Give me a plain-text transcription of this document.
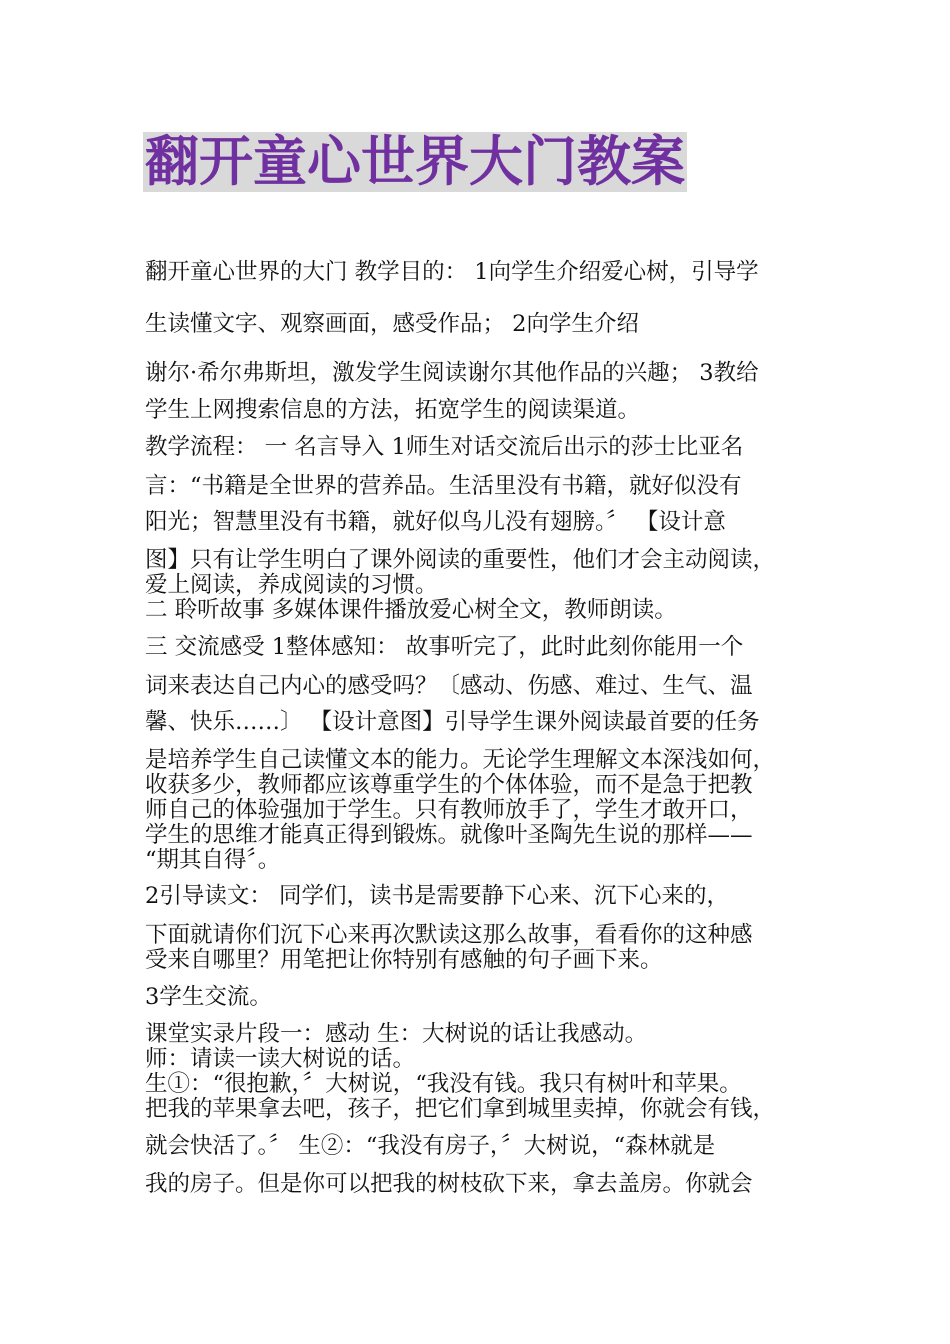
翻开童心世界大门教案
翻开童心世界的大门 教学目的： 1向学生介绍爱心树，引导学
生读懂文字、观察画面，感受作品； 2向学生介绍
谢尔·希尔弗斯坦，激发学生阅读谢尔其他作品的兴趣； 3教给
学生上网搜索信息的方法，拓宽学生的阅读渠道。
教学流程： 一 名言导入 1师生对话交流后出示的莎士比亚名
言：“书籍是全世界的营养品。生活里没有书籍，就好似没有
阳光；智慧里没有书籍，就好似鸟儿没有翅膀。〞 【设计意
图】只有让学生明白了课外阅读的重要性，他们才会主动阅读，
爱上阅读，养成阅读的习惯。
二 聆听故事 多媒体课件播放爱心树全文，教师朗读。
三 交流感受 1整体感知： 故事听完了，此时此刻你能用一个
词来表达自己内心的感受吗？〔感动、伤感、难过、生气、温
馨、快乐……〕 【设计意图】引导学生课外阅读最首要的任务
是培养学生自己读懂文本的能力。无论学生理解文本深浅如何，
收获多少，教师都应该尊重学生的个体体验，而不是急于把教
师自己的体验强加于学生。只有教师放手了，学生才敢开口，
学生的思维才能真正得到锻炼。就像叶圣陶先生说的那样——
“期其自得〞。
2引导读文： 同学们，读书是需要静下心来、沉下心来的，
下面就请你们沉下心来再次默读这那么故事，看看你的这种感
受来自哪里？用笔把让你特别有感触的句子画下来。
3学生交流。
课堂实录片段一：感动 生：大树说的话让我感动。
师：请读一读大树说的话。
生①：“很抱歉，〞大树说，“我没有钱。我只有树叶和苹果。
把我的苹果拿去吧，孩子，把它们拿到城里卖掉，你就会有钱，
就会快活了。〞 生②：“我没有房子，〞大树说，“森林就是
我的房子。但是你可以把我的树枝砍下来，拿去盖房。你就会
